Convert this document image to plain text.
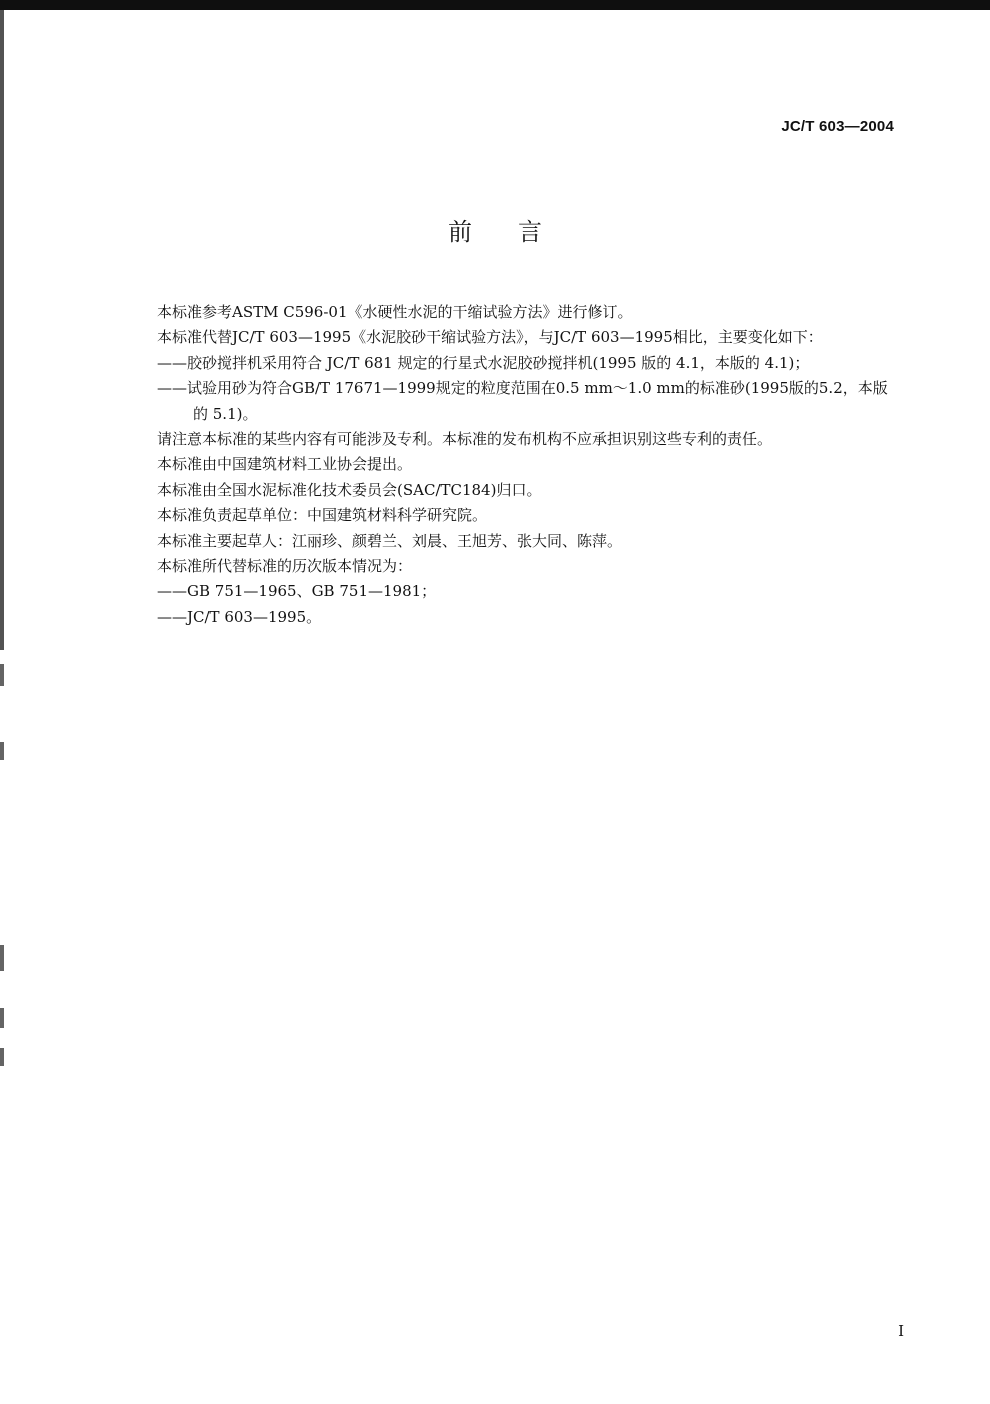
JC/T 603—2004
前言

本标准参考ASTM C596-01《水硬性水泥的干缩试验方法》进行修订。

本标准代替JC/T 603—1995《水泥胶砂干缩试验方法》，与JC/T 603—1995相比，主要变化如下：

——胶砂搅拌机采用符合 JC/T 681 规定的行星式水泥胶砂搅拌机(1995 版的 4.1，本版的 4.1)；

——试验用砂为符合GB/T 17671—1999规定的粒度范围在0.5 mm～1.0 mm的标准砂(1995版的5.2，本版的 5.1)。

请注意本标准的某些内容有可能涉及专利。本标准的发布机构不应承担识别这些专利的责任。

本标准由中国建筑材料工业协会提出。

本标准由全国水泥标准化技术委员会(SAC/TC184)归口。

本标准负责起草单位：中国建筑材料科学研究院。

本标准主要起草人：江丽珍、颜碧兰、刘晨、王旭芳、张大同、陈萍。

本标准所代替标准的历次版本情况为：

——GB 751—1965、GB 751—1981；

——JC/T 603—1995。

I
